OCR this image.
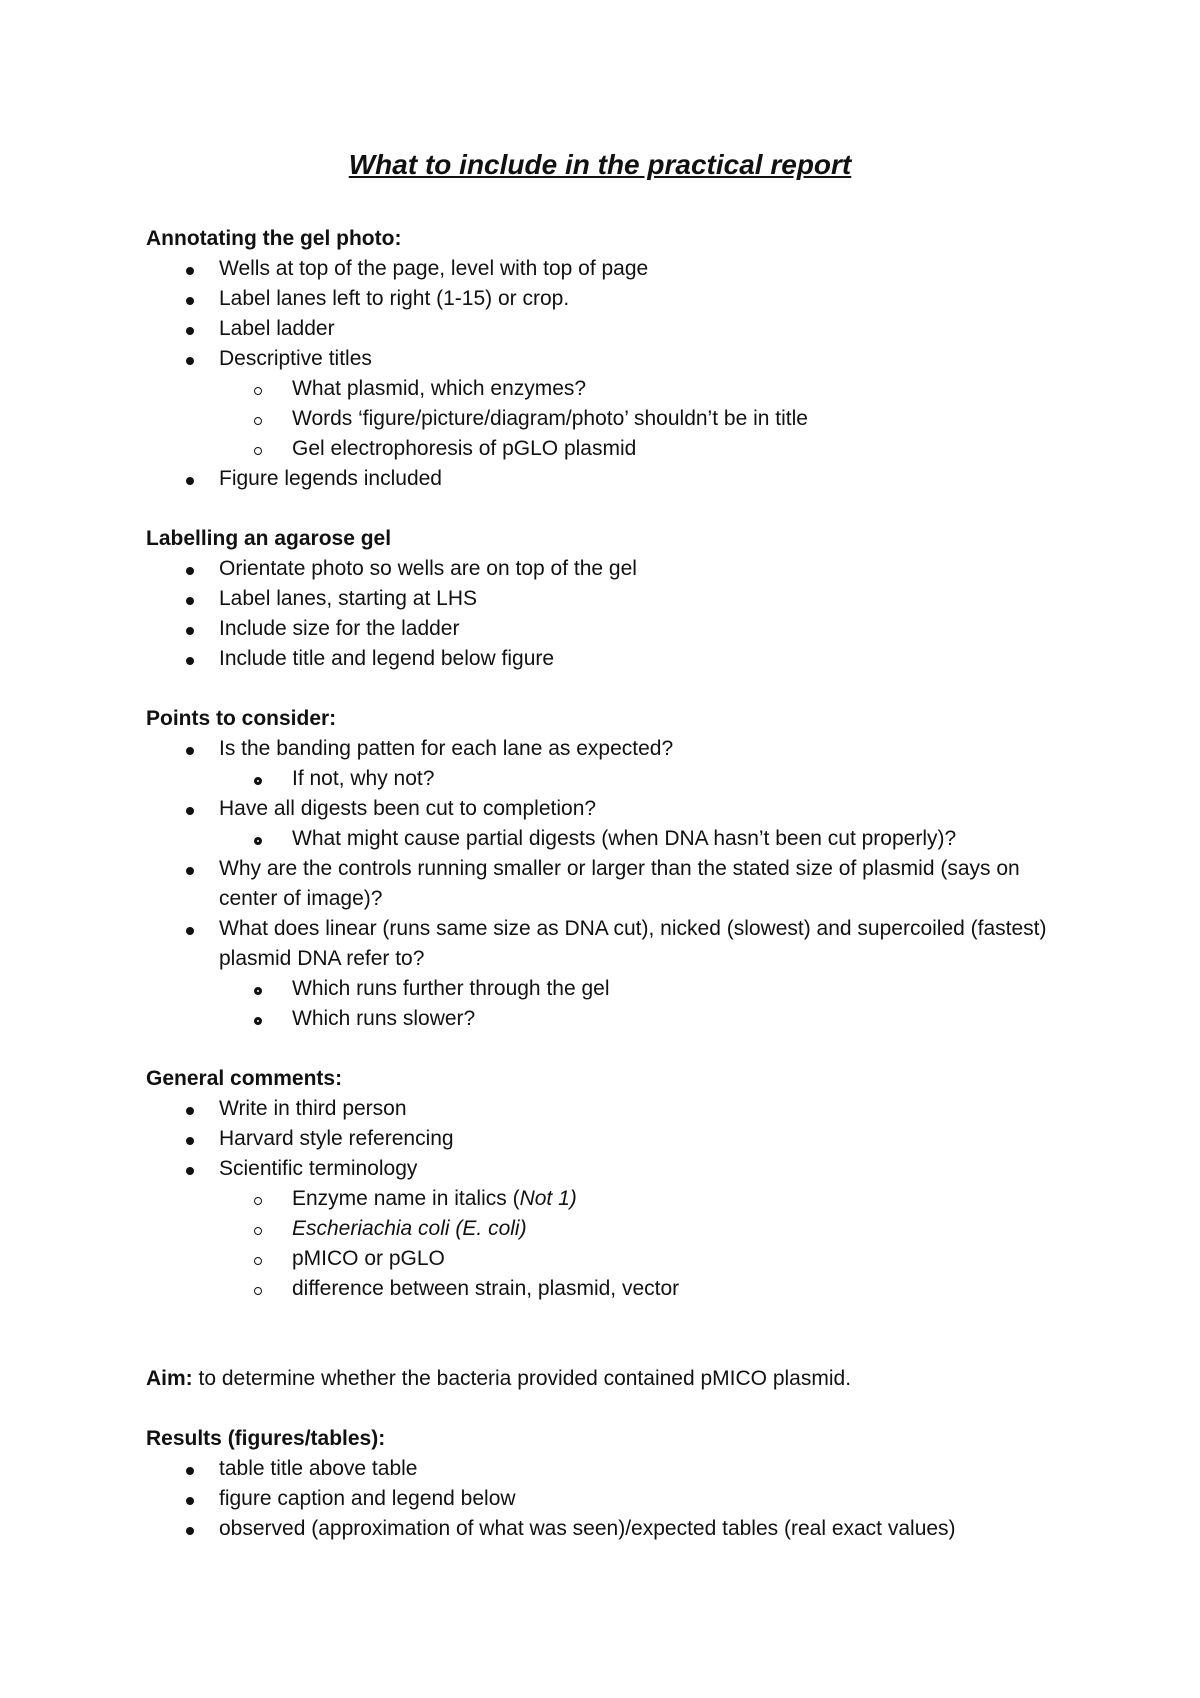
What to include in the practical report
Annotating the gel photo:
Wells at top of the page, level with top of page
Label lanes left to right (1-15) or crop.
Label ladder
Descriptive titles
What plasmid, which enzymes?
Words ‘figure/picture/diagram/photo’ shouldn’t be in title
Gel electrophoresis of pGLO plasmid
Figure legends included
Labelling an agarose gel
Orientate photo so wells are on top of the gel
Label lanes, starting at LHS
Include size for the ladder
Include title and legend below figure
Points to consider:
Is the banding patten for each lane as expected?
If not, why not?
Have all digests been cut to completion?
What might cause partial digests (when DNA hasn’t been cut properly)?
Why are the controls running smaller or larger than the stated size of plasmid (says on center of image)?
What does linear (runs same size as DNA cut), nicked (slowest) and supercoiled (fastest) plasmid DNA refer to?
Which runs further through the gel
Which runs slower?
General comments:
Write in third person
Harvard style referencing
Scientific terminology
Enzyme name in italics (Not 1)
Escheriachia coli (E. coli)
pMICO or pGLO
difference between strain, plasmid, vector
Aim: to determine whether the bacteria provided contained pMICO plasmid.
Results (figures/tables):
table title above table
figure caption and legend below
observed (approximation of what was seen)/expected tables (real exact values)
